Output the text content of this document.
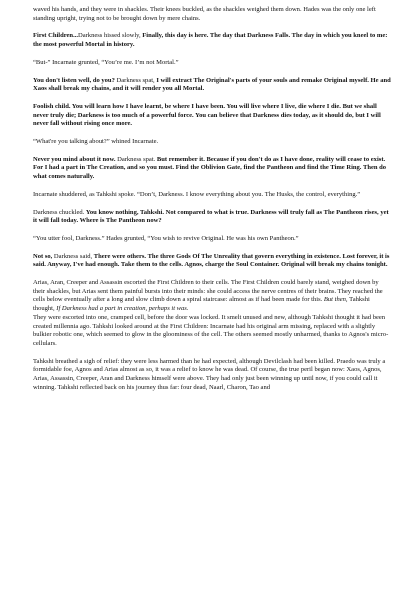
waved his hands, and they were in shackles. Their knees buckled, as the shackles weighed them down. Hades was the only one left standing upright, trying not to be brought down by mere chains.

First Children...Darkness hissed slowly, Finally, this day is here. The day that Darkness Falls. The day in which you kneel to me: the most powerful Mortal in history.

“But-” Incarnate grunted, “You’re me. I’m not Mortal.”

You don't listen well, do you? Darkness spat, I will extract The Original's parts of your souls and remake Original myself. He and Xaos shall break my chains, and it will render you all Mortal.

Foolish child. You will learn how I have learnt, be where I have been. You will live where I live, die where I die. But we shall never truly die; Darkness is too much of a powerful force. You can believe that Darkness dies today, as it should do, but I will never fall without rising once more.

“What're you talking about?” whined Incarnate.

Never you mind about it now. Darkness spat. But remember it. Because if you don't do as I have done, reality will cease to exist. For I had a part in The Creation, and so you must. Find the Oblivion Gate, find the Pantheon and find the Time Ring. Then do what comes naturally.

Incarnate shuddered, as Tahkshi spoke. “Don’t, Darkness. I know everything about you. The Husks, the control, everything.”

Darkness chuckled. You know nothing, Tahkshi. Not compared to what is true. Darkness will truly fall as The Pantheon rises, yet it will fall today. Where is The Pantheon now?

“You utter fool, Darkness.” Hades grunted, “You wish to revive Original. He was his own Pantheon.”

Not so, Darkness said, There were others. The three Gods Of The Unreality that govern everything in existence. Lost forever, it is said. Anyway, I've had enough. Take them to the cells. Agnos, charge the Soul Container. Original will break my chains tonight.

Arias, Aran, Creeper and Assassin escorted the First Children to their cells. The First Children could barely stand, weighed down by their shackles, but Arias sent them painful bursts into their minds: she could access the nerve centres of their brains. They reached the cells below eventually after a long and slow climb down a spiral staircase: almost as if had been made for this. But then, Tahkshi thought, If Darkness had a part in creation, perhaps it was.

They were escorted into one, cramped cell, before the door was locked. It smelt unused and new, although Tahkshi thought it had been created millennia ago. Tahkshi looked around at the First Children: Incarnate had his original arm missing, replaced with a slightly bulkier robotic one, which seemed to glow in the gloominess of the cell. The others seemed mostly unharmed, thanks to Agnos's micro-cellulars.

Tahkshi breathed a sigh of relief: they were less harmed than he had expected, although Devilclash had been killed. Praedo was truly a formidable foe, Agnos and Arias almost as so, it was a relief to know he was dead. Of course, the true peril began now: Xaos, Agnos, Arias, Assassin, Creeper, Aran and Darkness himself were above. They had only just been winning up until now, if you could call it winning. Tahkshi reflected back on his journey thus far: four dead, Naarl, Charon, Tao and
